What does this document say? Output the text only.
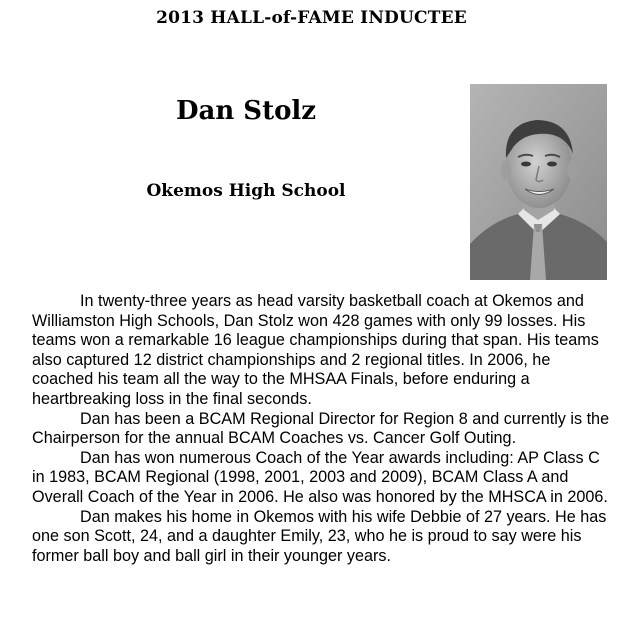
2013 HALL-of-FAME INDUCTEE
Dan Stolz
Okemos High School

In twenty-three years as head varsity basketball coach at Okemos and Williamston High Schools, Dan Stolz won 428 games with only 99 losses. His teams won a remarkable 16 league championships during that span. His teams also captured 12 district championships and 2 regional titles. In 2006, he coached his team all the way to the MHSAA Finals, before enduring a heartbreaking loss in the final seconds.

Dan has been a BCAM Regional Director for Region 8 and currently is the Chairperson for the annual BCAM Coaches vs. Cancer Golf Outing.

Dan has won numerous Coach of the Year awards including: AP Class C in 1983, BCAM Regional (1998, 2001, 2003 and 2009), BCAM Class A and Overall Coach of the Year in 2006. He also was honored by the MHSCA in 2006.

Dan makes his home in Okemos with his wife Debbie of 27 years. He has one son Scott, 24, and a daughter Emily, 23, who he is proud to say were his former ball boy and ball girl in their younger years.
